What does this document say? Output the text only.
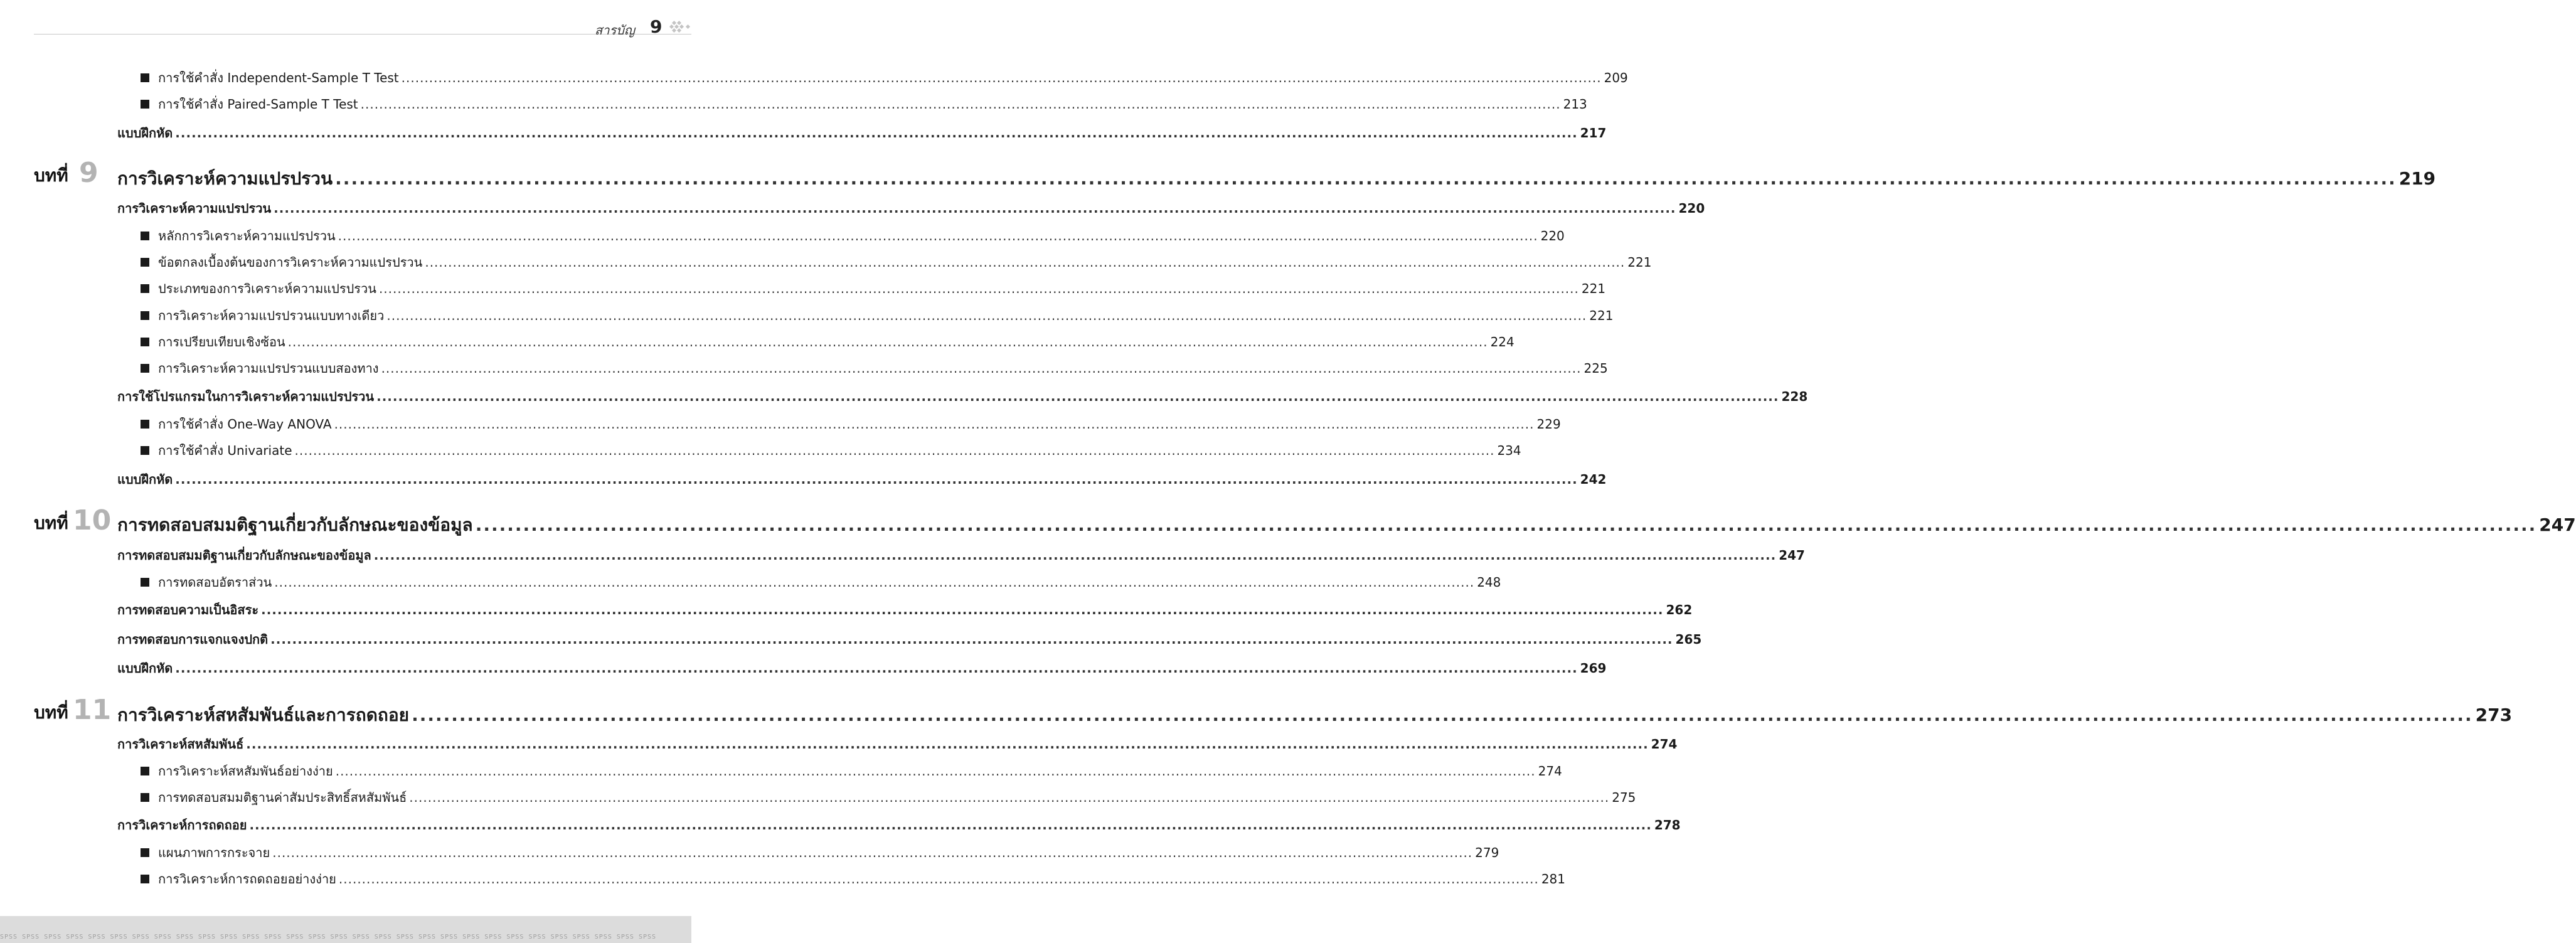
สารบัญ 9
บทที่ 9
บทที่ 10
บทที่ 11
การใช้คำสั่ง Independent-Sample T Test .................................................................................................................................................................................................................................................................... 209
การใช้คำสั่ง Paired-Sample T Test .................................................................................................................................................................................................................................................................... 213
แบบฝึกหัด .................................................................................................................................................................................................................................................................... 217
การวิเคราะห์ความแปรปรวน .................................................................................................................................................................................................................................................................... 219
การวิเคราะห์ความแปรปรวน .................................................................................................................................................................................................................................................................... 220
หลักการวิเคราะห์ความแปรปรวน .................................................................................................................................................................................................................................................................... 220
ข้อตกลงเบื้องต้นของการวิเคราะห์ความแปรปรวน .................................................................................................................................................................................................................................................................... 221
ประเภทของการวิเคราะห์ความแปรปรวน .................................................................................................................................................................................................................................................................... 221
การวิเคราะห์ความแปรปรวนแบบทางเดียว .................................................................................................................................................................................................................................................................... 221
การเปรียบเทียบเชิงซ้อน .................................................................................................................................................................................................................................................................... 224
การวิเคราะห์ความแปรปรวนแบบสองทาง .................................................................................................................................................................................................................................................................... 225
การใช้โปรแกรมในการวิเคราะห์ความแปรปรวน .................................................................................................................................................................................................................................................................... 228
การใช้คำสั่ง One-Way ANOVA .................................................................................................................................................................................................................................................................... 229
การใช้คำสั่ง Univariate .................................................................................................................................................................................................................................................................... 234
แบบฝึกหัด .................................................................................................................................................................................................................................................................... 242
การทดสอบสมมติฐานเกี่ยวกับลักษณะของข้อมูล .................................................................................................................................................................................................................................................................... 247
การทดสอบสมมติฐานเกี่ยวกับลักษณะของข้อมูล .................................................................................................................................................................................................................................................................... 247
การทดสอบอัตราส่วน .................................................................................................................................................................................................................................................................... 248
การทดสอบความเป็นอิสระ .................................................................................................................................................................................................................................................................... 262
การทดสอบการแจกแจงปกติ .................................................................................................................................................................................................................................................................... 265
แบบฝึกหัด .................................................................................................................................................................................................................................................................... 269
การวิเคราะห์สหสัมพันธ์และการถดถอย .................................................................................................................................................................................................................................................................... 273
การวิเคราะห์สหสัมพันธ์ .................................................................................................................................................................................................................................................................... 274
การวิเคราะห์สหสัมพันธ์อย่างง่าย .................................................................................................................................................................................................................................................................... 274
การทดสอบสมมติฐานค่าสัมประสิทธิ์สหสัมพันธ์ .................................................................................................................................................................................................................................................................... 275
การวิเคราะห์การถดถอย .................................................................................................................................................................................................................................................................... 278
แผนภาพการกระจาย .................................................................................................................................................................................................................................................................... 279
การวิเคราะห์การถดถอยอย่างง่าย .................................................................................................................................................................................................................................................................... 281
SPSS SPSS SPSS SPSS SPSS SPSS SPSS SPSS SPSS SPSS SPSS SPSS SPSS SPSS SPSS SPSS SPSS SPSS SPSS SPSS SPSS SPSS SPSS SPSS SPSS SPSS SPSS SPSS SPSS SPSS
